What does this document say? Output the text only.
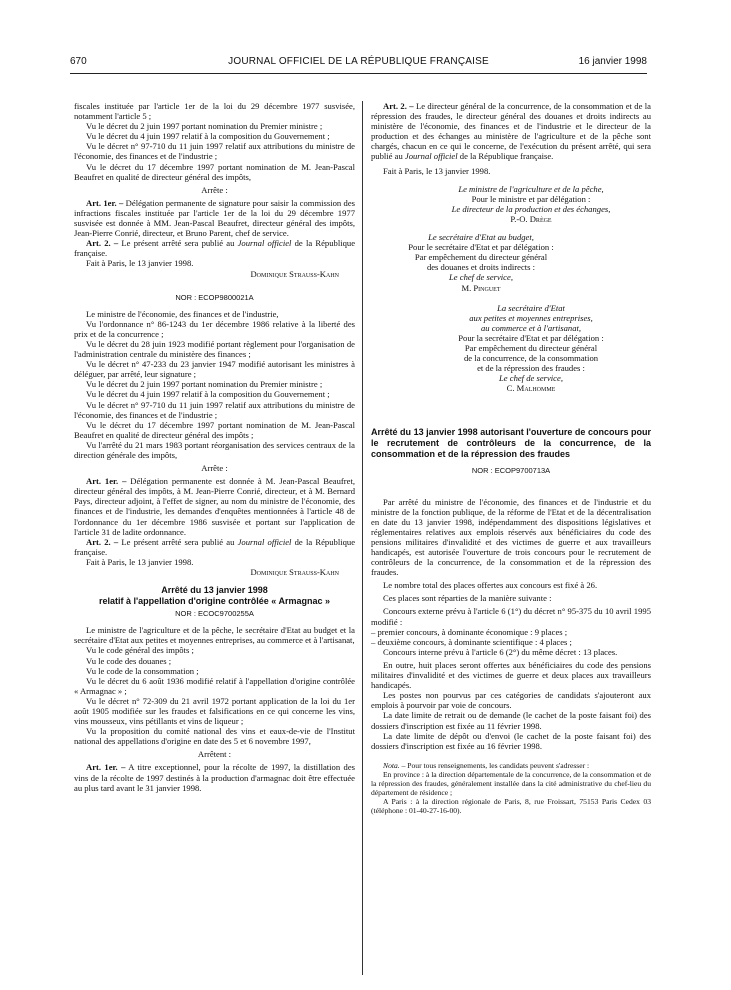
670	JOURNAL OFFICIEL DE LA RÉPUBLIQUE FRANÇAISE	16 janvier 1998

fiscales instituée par l'article 1er de la loi du 29 décembre 1977 susvisée, notamment l'article 5 ;

Vu le décret du 2 juin 1997 portant nomination du Premier ministre ;

Vu le décret du 4 juin 1997 relatif à la composition du Gouvernement ;

Vu le décret n° 97-710 du 11 juin 1997 relatif aux attributions du ministre de l'économie, des finances et de l'industrie ;

Vu le décret du 17 décembre 1997 portant nomination de M. Jean-Pascal Beaufret en qualité de directeur général des impôts,

Arrête :

Art. 1er. – Délégation permanente de signature pour saisir la commission des infractions fiscales instituée par l'article 1er de la loi du 29 décembre 1977 susvisée est donnée à MM. Jean-Pascal Beaufret, directeur général des impôts, Jean-Pierre Conrié, directeur, et Bruno Parent, chef de service.

Art. 2. – Le présent arrêté sera publié au Journal officiel de la République française.

Fait à Paris, le 13 janvier 1998.

Dominique Strauss-Kahn

NOR : ECOP9800021A

Le ministre de l'économie, des finances et de l'industrie,

Vu l'ordonnance n° 86-1243 du 1er décembre 1986 relative à la liberté des prix et de la concurrence ;

Vu le décret du 28 juin 1923 modifié portant règlement pour l'organisation de l'administration centrale du ministère des finances ;

Vu le décret n° 47-233 du 23 janvier 1947 modifié autorisant les ministres à déléguer, par arrêté, leur signature ;

Vu le décret du 2 juin 1997 portant nomination du Premier ministre ;

Vu le décret du 4 juin 1997 relatif à la composition du Gouvernement ;

Vu le décret n° 97-710 du 11 juin 1997 relatif aux attributions du ministre de l'économie, des finances et de l'industrie ;

Vu le décret du 17 décembre 1997 portant nomination de M. Jean-Pascal Beaufret en qualité de directeur général des impôts ;

Vu l'arrêté du 21 mars 1983 portant réorganisation des services centraux de la direction générale des impôts,

Arrête :

Art. 1er. – Délégation permanente est donnée à M. Jean-Pascal Beaufret, directeur général des impôts, à M. Jean-Pierre Conrié, directeur, et à M. Bernard Pays, directeur adjoint, à l'effet de signer, au nom du ministre de l'économie, des finances et de l'industrie, les demandes d'enquêtes mentionnées à l'article 48 de l'ordonnance du 1er décembre 1986 susvisée et portant sur l'application de l'article 31 de ladite ordonnance.

Art. 2. – Le présent arrêté sera publié au Journal officiel de la République française.

Fait à Paris, le 13 janvier 1998.

Dominique Strauss-Kahn

Arrêté du 13 janvier 1998
relatif à l'appellation d'origine contrôlée « Armagnac »
NOR : ECOC9700255A

Le ministre de l'agriculture et de la pêche, le secrétaire d'Etat au budget et la secrétaire d'Etat aux petites et moyennes entreprises, au commerce et à l'artisanat,

Vu le code général des impôts ;

Vu le code des douanes ;

Vu le code de la consommation ;

Vu le décret du 6 août 1936 modifié relatif à l'appellation d'origine contrôlée « Armagnac » ;

Vu le décret n° 72-309 du 21 avril 1972 portant application de la loi du 1er août 1905 modifiée sur les fraudes et falsifications en ce qui concerne les vins, vins mousseux, vins pétillants et vins de liqueur ;

Vu la proposition du comité national des vins et eaux-de-vie de l'Institut national des appellations d'origine en date des 5 et 6 novembre 1997,

Arrêtent :

Art. 1er. – A titre exceptionnel, pour la récolte de 1997, la distillation des vins de la récolte de 1997 destinés à la production d'armagnac doit être effectuée au plus tard avant le 31 janvier 1998.

Art. 2. – Le directeur général de la concurrence, de la consommation et de la répression des fraudes, le directeur général des douanes et droits indirects au ministère de l'économie, des finances et de l'industrie et le directeur de la production et des échanges au ministère de l'agriculture et de la pêche sont chargés, chacun en ce qui le concerne, de l'exécution du présent arrêté, qui sera publié au Journal officiel de la République française.

Fait à Paris, le 13 janvier 1998.

Le ministre de l'agriculture et de la pêche,

Pour le ministre et par délégation :

Le directeur de la production et des échanges,

P.-O. Drège

Le secrétaire d'Etat au budget,

Pour le secrétaire d'Etat et par délégation :

Par empêchement du directeur général

des douanes et droits indirects :

Le chef de service,

M. Pinguet

La secrétaire d'Etat

aux petites et moyennes entreprises,

au commerce et à l'artisanat,

Pour la secrétaire d'Etat et par délégation :

Par empêchement du directeur général

de la concurrence, de la consommation

et de la répression des fraudes :

Le chef de service,

C. Malhomme

Arrêté du 13 janvier 1998 autorisant l'ouverture de concours pour le recrutement de contrôleurs de la concurrence, de la consommation et de la répression des fraudes
NOR : ECOP9700713A

Par arrêté du ministre de l'économie, des finances et de l'industrie et du ministre de la fonction publique, de la réforme de l'Etat et de la décentralisation en date du 13 janvier 1998, indépendamment des dispositions législatives et réglementaires relatives aux emplois réservés aux bénéficiaires du code des pensions militaires d'invalidité et des victimes de guerre et aux travailleurs handicapés, est autorisée l'ouverture de trois concours pour le recrutement de contrôleurs de la concurrence, de la consommation et de la répression des fraudes.

Le nombre total des places offertes aux concours est fixé à 26.

Ces places sont réparties de la manière suivante :

Concours externe prévu à l'article 6 (1°) du décret n° 95-375 du 10 avril 1995 modifié :

– premier concours, à dominante économique : 9 places ;

– deuxième concours, à dominante scientifique : 4 places ;

Concours interne prévu à l'article 6 (2°) du même décret : 13 places.

En outre, huit places seront offertes aux bénéficiaires du code des pensions militaires d'invalidité et des victimes de guerre et deux places aux travailleurs handicapés.

Les postes non pourvus par ces catégories de candidats s'ajouteront aux emplois à pourvoir par voie de concours.

La date limite de retrait ou de demande (le cachet de la poste faisant foi) des dossiers d'inscription est fixée au 11 février 1998.

La date limite de dépôt ou d'envoi (le cachet de la poste faisant foi) des dossiers d'inscription est fixée au 16 février 1998.

Nota. – Pour tous renseignements, les candidats peuvent s'adresser :

En province : à la direction départementale de la concurrence, de la consommation et de la répression des fraudes, généralement installée dans la cité administrative du chef-lieu du département de résidence ;

A Paris : à la direction régionale de Paris, 8, rue Froissart, 75153 Paris Cedex 03 (téléphone : 01-40-27-16-00).
